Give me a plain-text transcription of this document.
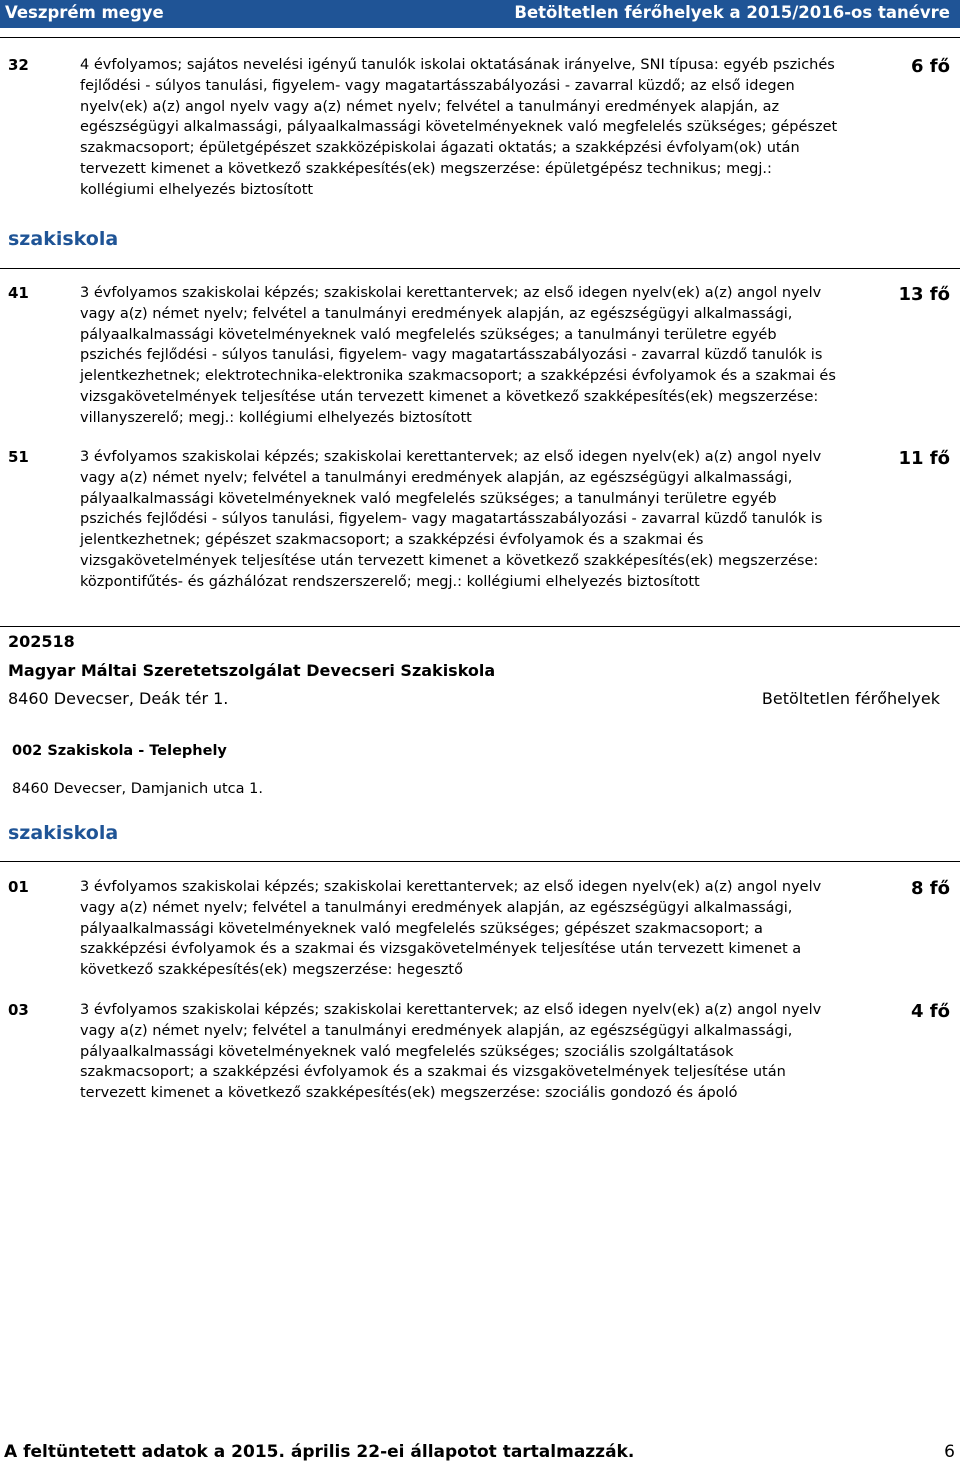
Veszprém megye	Betöltetlen férőhelyek a 2015/2016-os tanévre
32	4 évfolyamos; sajátos nevelési igényű tanulók iskolai oktatásának irányelve, SNI típusa: egyéb pszichés fejlődési - súlyos tanulási, figyelem- vagy magatartásszabályozási - zavarral küzdő; az első idegen nyelv(ek) a(z) angol nyelv vagy a(z) német nyelv; felvétel a tanulmányi eredmények alapján, az egészségügyi alkalmassági, pályaalkalmassági követelményeknek való megfelelés szükséges; gépészet szakmacsoport; épületgépészet szakközépiskolai ágazati oktatás; a szakképzési évfolyam(ok) után tervezett kimenet a következő szakképesítés(ek) megszerzése: épületgépész technikus; megj.: kollégiumi elhelyezés biztosított
6 fő
szakiskola
41	3 évfolyamos szakiskolai képzés; szakiskolai kerettantervek; az első idegen nyelv(ek) a(z) angol nyelv vagy a(z) német nyelv; felvétel a tanulmányi eredmények alapján, az egészségügyi alkalmassági, pályaalkalmassági követelményeknek való megfelelés szükséges; a tanulmányi területre egyéb pszichés fejlődési - súlyos tanulási, figyelem- vagy magatartásszabályozási - zavarral küzdő tanulók is jelentkezhetnek; elektrotechnika-elektronika szakmacsoport; a szakképzési évfolyamok és a szakmai és vizsgakövetelmények teljesítése után tervezett kimenet a következő szakképesítés(ek) megszerzése: villanyszerelő; megj.: kollégiumi elhelyezés biztosított
13 fő
51	3 évfolyamos szakiskolai képzés; szakiskolai kerettantervek; az első idegen nyelv(ek) a(z) angol nyelv vagy a(z) német nyelv; felvétel a tanulmányi eredmények alapján, az egészségügyi alkalmassági, pályaalkalmassági követelményeknek való megfelelés szükséges; a tanulmányi területre egyéb pszichés fejlődési - súlyos tanulási, figyelem- vagy magatartásszabályozási - zavarral küzdő tanulók is jelentkezhetnek; gépészet szakmacsoport; a szakképzési évfolyamok és a szakmai és vizsgakövetelmények teljesítése után tervezett kimenet a következő szakképesítés(ek) megszerzése: központifűtés- és gázhálózat rendszerszerelő; megj.: kollégiumi elhelyezés biztosított
11 fő
202518
Magyar Máltai Szeretetszolgálat Devecseri Szakiskola
8460 Devecser, Deák tér 1.	Betöltetlen férőhelyek
002 Szakiskola - Telephely
8460 Devecser, Damjanich utca 1.
szakiskola
01	3 évfolyamos szakiskolai képzés; szakiskolai kerettantervek; az első idegen nyelv(ek) a(z) angol nyelv vagy a(z) német nyelv; felvétel a tanulmányi eredmények alapján, az egészségügyi alkalmassági, pályaalkalmassági követelményeknek való megfelelés szükséges; gépészet szakmacsoport; a szakképzési évfolyamok és a szakmai és vizsgakövetelmények teljesítése után tervezett kimenet a következő szakképesítés(ek) megszerzése: hegesztő
8 fő
03	3 évfolyamos szakiskolai képzés; szakiskolai kerettantervek; az első idegen nyelv(ek) a(z) angol nyelv vagy a(z) német nyelv; felvétel a tanulmányi eredmények alapján, az egészségügyi alkalmassági, pályaalkalmassági követelményeknek való megfelelés szükséges; szociális szolgáltatások szakmacsoport; a szakképzési évfolyamok és a szakmai és vizsgakövetelmények teljesítése után tervezett kimenet a következő szakképesítés(ek) megszerzése: szociális gondozó és ápoló
4 fő
A feltüntetett adatok a 2015. április 22-ei állapotot tartalmazzák.	6
